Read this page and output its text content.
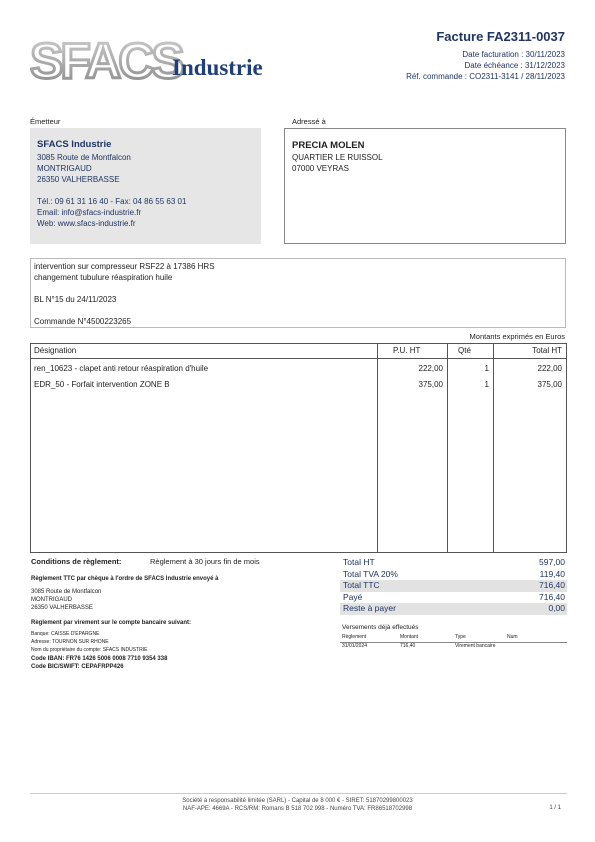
SFACS
Industrie
Facture FA2311-0037
Date facturation : 30/11/2023
Date échéance : 31/12/2023
Réf. commande : CO2311-3141 / 28/11/2023
Émetteur	Adressé à
SFACS Industrie
3085 Route de Montfalcon
MONTRIGAUD
26350 VALHERBASSE
Tél.: 09 61 31 16 40 - Fax: 04 86 55 63 01
Email: info@sfacs-industrie.fr
Web: www.sfacs-industrie.fr
PRECIA MOLEN
QUARTIER LE RUISSOL
07000 VEYRAS
intervention sur compresseur RSF22 à 17386 HRS
changement tubulure réaspiration huile
BL N°15 du 24/11/2023
Commande N°4500223265
Montants exprimés en Euros
Désignation	P.U. HT	Qté	Total HT
ren_10623 - clapet anti retour réaspiration d'huile	222,00	1	222,00
EDR_50 - Forfait intervention ZONE B	375,00	1	375,00
Conditions de règlement:	Règlement à 30 jours fin de mois
Règlement TTC par chèque à l'ordre de SFACS Industrie envoyé à
3085 Route de Montfalcon
MONTRIGAUD
26350 VALHERBASSE
Règlement par virement sur le compte bancaire suivant:
Banque: CAISSE D'EPARGNE
Adresse: TOURNON SUR RHONE
Nom du propriétaire du compte: SFACS INDUSTRIE
Code IBAN: FR76 1426 5006 0008 7710 9354 338
Code BIC/SWIFT: CEPAFRPP426
Total HT	597,00
Total TVA 20%	119,40
Total TTC	716,40
Payé	716,40
Reste à payer	0,00
Versements déjà effectués
Règlement	Montant	Type	Num
31/01/2024	716,40	Virement bancaire
Société à responsabilité limitée (SARL) - Capital de 8 000 € - SIRET: 51870299800023
NAF-APE: 4669A - RCS/RM: Romans B 518 702 998 - Numéro TVA: FR86518702998	1 / 1
